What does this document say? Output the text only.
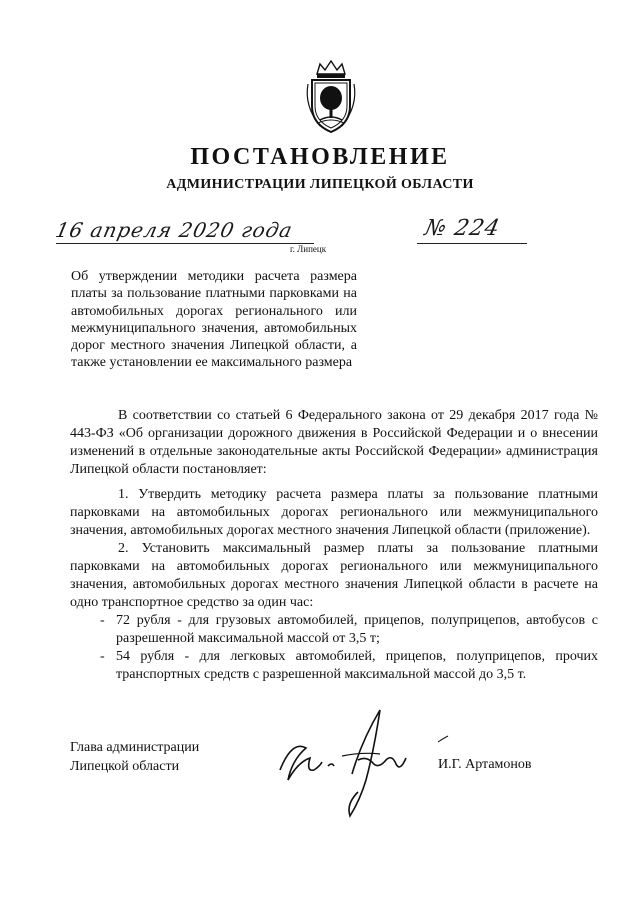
ПОСТАНОВЛЕНИЕ
АДМИНИСТРАЦИИ ЛИПЕЦКОЙ ОБЛАСТИ
16 апреля 2020 года
г. Липецк
№ 224
Об утверждении методики расчета размера платы за пользование платными парковками на автомобильных дорогах регионального или межмуниципального значения, автомобильных дорог местного значения Липецкой области, а также установлении ее максимального размера

В соответствии со статьей 6 Федерального закона от 29 декабря 2017 года № 443-ФЗ «Об организации дорожного движения в Российской Федерации и о внесении изменений в отдельные законодательные акты Российской Федерации» администрация Липецкой области постановляет:

1. Утвердить методику расчета размера платы за пользование платными парковками на автомобильных дорогах регионального или межмуниципального значения, автомобильных дорогах местного значения Липецкой области (приложение).

2. Установить максимальный размер платы за пользование платными парковками на автомобильных дорогах регионального или межмуниципального значения, автомобильных дорогах местного значения Липецкой области в расчете на одно транспортное средство за один час:

- 72 рубля - для грузовых автомобилей, прицепов, полуприцепов, автобусов с разрешенной максимальной массой от 3,5 т;
- 54 рубля - для легковых автомобилей, прицепов, полуприцепов, прочих транспортных средств с разрешенной максимальной массой до 3,5 т.
Глава администрации
Липецкой области	И.Г. Артамонов
